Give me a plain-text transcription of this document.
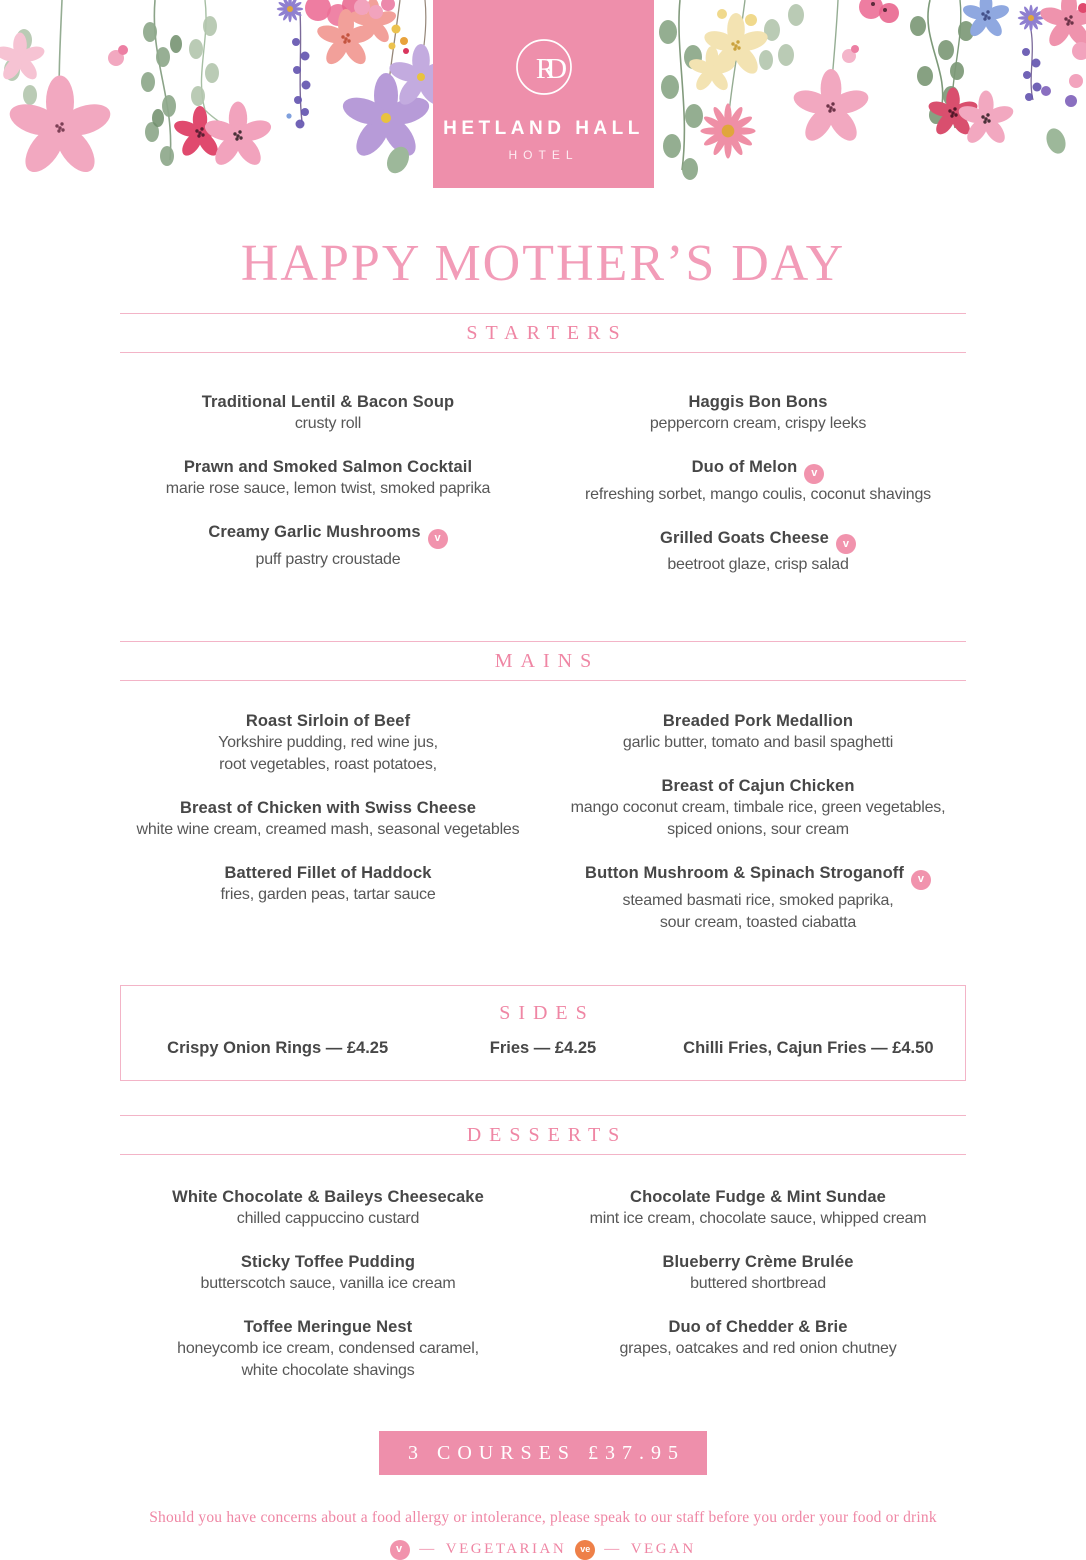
RD
HETLAND HALL
HOTEL
HAPPY MOTHER’S DAY
STARTERS
Traditional Lentil & Bacon Soup
crusty roll
Prawn and Smoked Salmon Cocktail
marie rose sauce, lemon twist, smoked paprika
Creamy Garlic Mushrooms v
puff pastry croustade
Haggis Bon Bons
peppercorn cream, crispy leeks
Duo of Melon v
refreshing sorbet, mango coulis, coconut shavings
Grilled Goats Cheese v
beetroot glaze, crisp salad
MAINS
Roast Sirloin of Beef
Yorkshire pudding, red wine jus,
root vegetables, roast potatoes,
Breast of Chicken with Swiss Cheese
white wine cream, creamed mash, seasonal vegetables
Battered Fillet of Haddock
fries, garden peas, tartar sauce
Breaded Pork Medallion
garlic butter, tomato and basil spaghetti
Breast of Cajun Chicken
mango coconut cream, timbale rice, green vegetables,
spiced onions, sour cream
Button Mushroom & Spinach Stroganoff v
steamed basmati rice, smoked paprika,
sour cream, toasted ciabatta
SIDES
Crispy Onion Rings — £4.25	Fries — £4.25	Chilli Fries, Cajun Fries — £4.50
DESSERTS
White Chocolate & Baileys Cheesecake
chilled cappuccino custard
Sticky Toffee Pudding
butterscotch sauce, vanilla ice cream
Toffee Meringue Nest
honeycomb ice cream, condensed caramel,
white chocolate shavings
Chocolate Fudge & Mint Sundae
mint ice cream, chocolate sauce, whipped cream
Blueberry Crème Brulée
buttered shortbread
Duo of Chedder & Brie
grapes, oatcakes and red onion chutney
3 COURSES £37.95
Should you have concerns about a food allergy or intolerance, please speak to our staff before you order your food or drink
v — VEGETARIAN	ve — VEGAN
